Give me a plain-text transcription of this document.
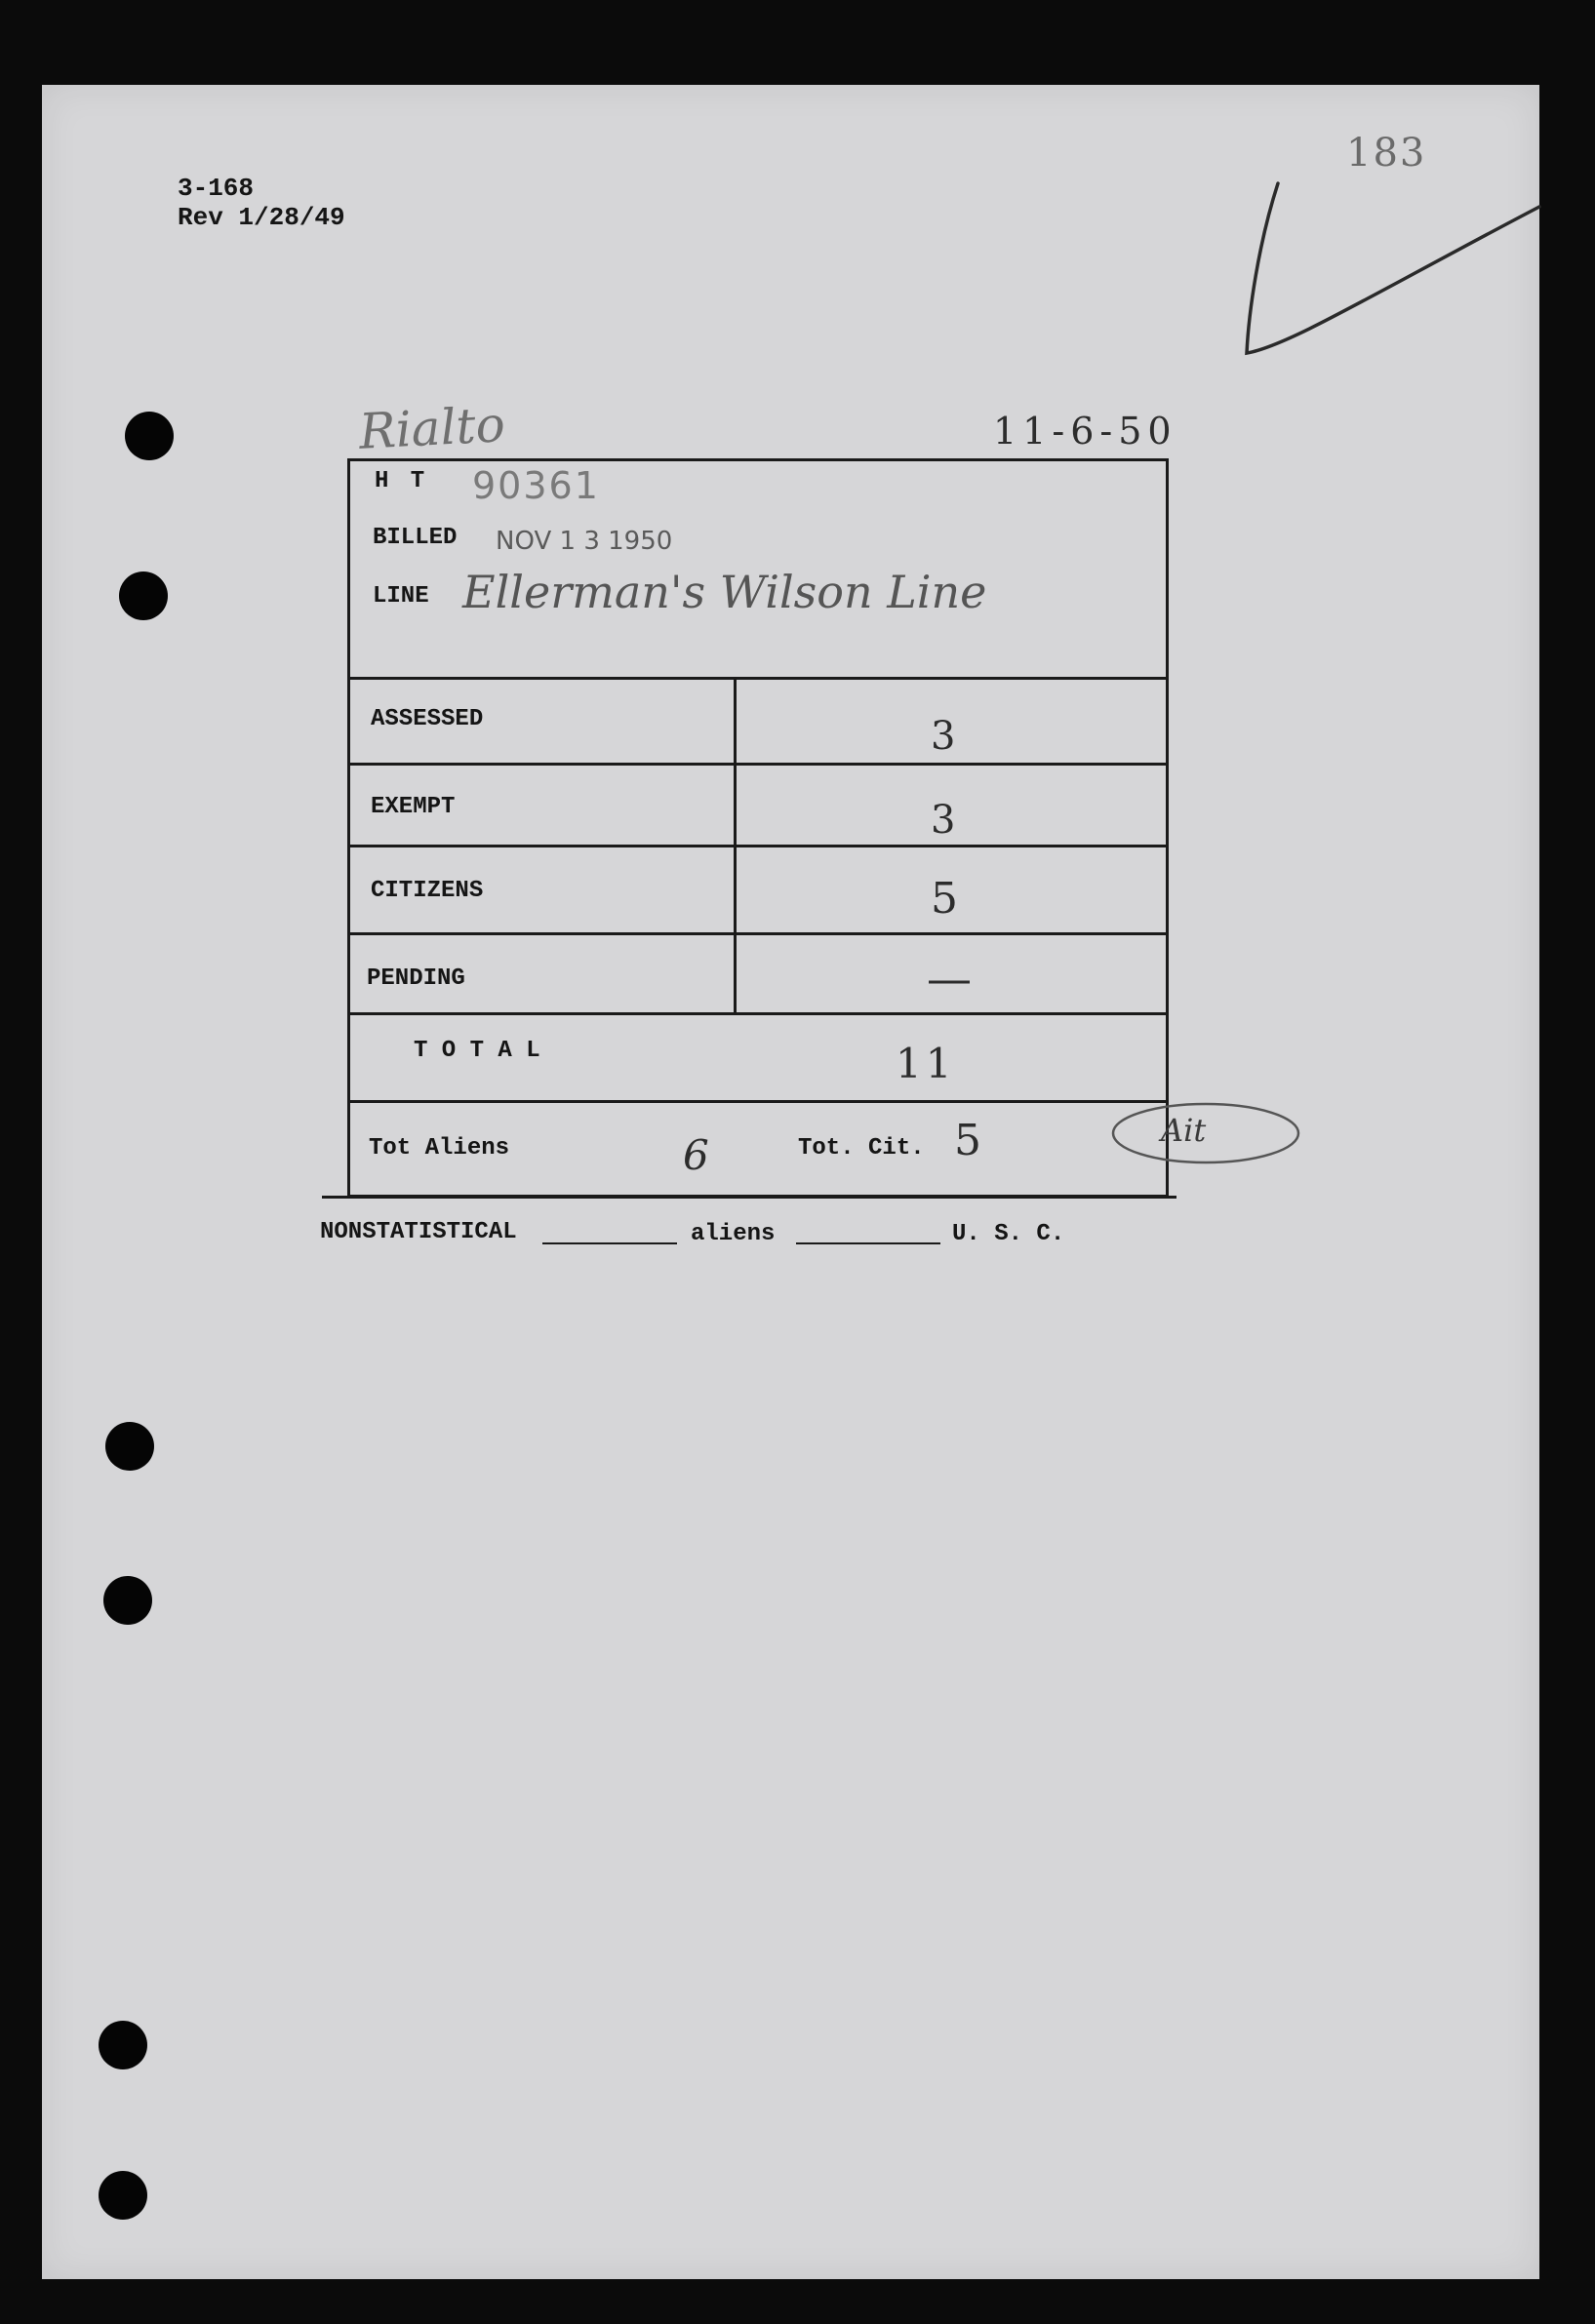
3-168
Rev 1/28/49
183
Rialto	11-6-50
H T 90361
BILLED NOV 1 3 1950
LINE Ellerman's Wilson Line
ASSESSED	3
EXEMPT	3
CITIZENS	5
PENDING	—
T O T A L	11
Tot Aliens	6	Tot. Cit. 5	Ait
NONSTATISTICAL	aliens	U. S. C.
